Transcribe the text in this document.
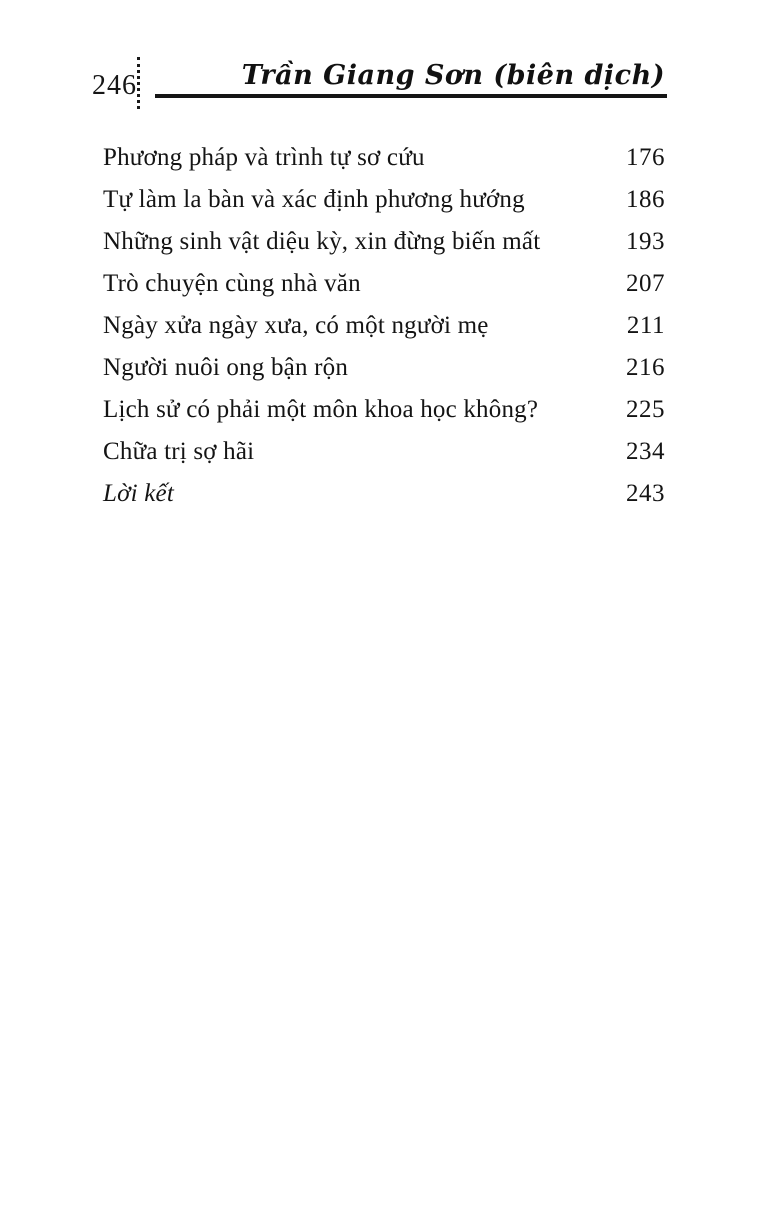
246	Trần Giang Sơn (biên dịch)
Phương pháp và trình tự sơ cứu	176
Tự làm la bàn và xác định phương hướng	186
Những sinh vật diệu kỳ, xin đừng biến mất	193
Trò chuyện cùng nhà văn	207
Ngày xửa ngày xưa, có một người mẹ	211
Người nuôi ong bận rộn	216
Lịch sử có phải một môn khoa học không?	225
Chữa trị sợ hãi	234
Lời kết	243
